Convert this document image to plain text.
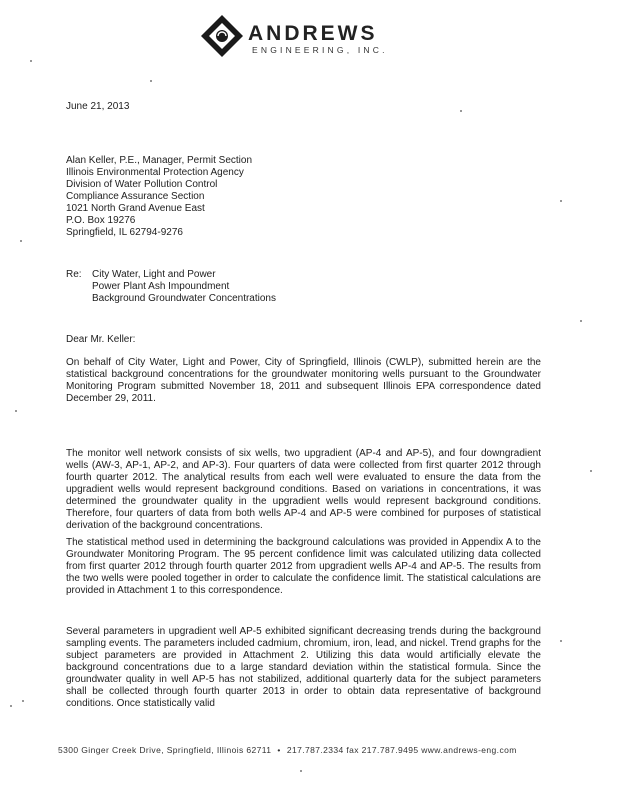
ANDREWS
ENGINEERING, INC.
June 21, 2013
Alan Keller, P.E., Manager, Permit Section
Illinois Environmental Protection Agency
Division of Water Pollution Control
Compliance Assurance Section
1021 North Grand Avenue East
P.O. Box 19276
Springfield, IL 62794-9276
Re: City Water, Light and Power
Power Plant Ash Impoundment
Background Groundwater Concentrations
Dear Mr. Keller:
On behalf of City Water, Light and Power, City of Springfield, Illinois (CWLP), submitted herein are the statistical background concentrations for the groundwater monitoring wells pursuant to the Groundwater Monitoring Program submitted November 18, 2011 and subsequent Illinois EPA correspondence dated December 29, 2011.
The monitor well network consists of six wells, two upgradient (AP-4 and AP-5), and four downgradient wells (AW-3, AP-1, AP-2, and AP-3). Four quarters of data were collected from first quarter 2012 through fourth quarter 2012. The analytical results from each well were evaluated to ensure the data from the upgradient wells would represent background conditions. Based on variations in concentrations, it was determined the groundwater quality in the upgradient wells would represent background conditions. Therefore, four quarters of data from both wells AP-4 and AP-5 were combined for purposes of statistical derivation of the background concentrations.
The statistical method used in determining the background calculations was provided in Appendix A to the Groundwater Monitoring Program. The 95 percent confidence limit was calculated utilizing data collected from first quarter 2012 through fourth quarter 2012 from upgradient wells AP-4 and AP-5. The results from the two wells were pooled together in order to calculate the confidence limit. The statistical calculations are provided in Attachment 1 to this correspondence.
Several parameters in upgradient well AP-5 exhibited significant decreasing trends during the background sampling events. The parameters included cadmium, chromium, iron, lead, and nickel. Trend graphs for the subject parameters are provided in Attachment 2. Utilizing this data would artificially elevate the background concentrations due to a large standard deviation within the statistical formula. Since the groundwater quality in well AP-5 has not stabilized, additional quarterly data for the subject parameters shall be collected through fourth quarter 2013 in order to obtain data representative of background conditions. Once statistically valid
5300 Ginger Creek Drive, Springfield, Illinois 62711 • 217.787.2334 fax 217.787.9495 www.andrews-eng.com
